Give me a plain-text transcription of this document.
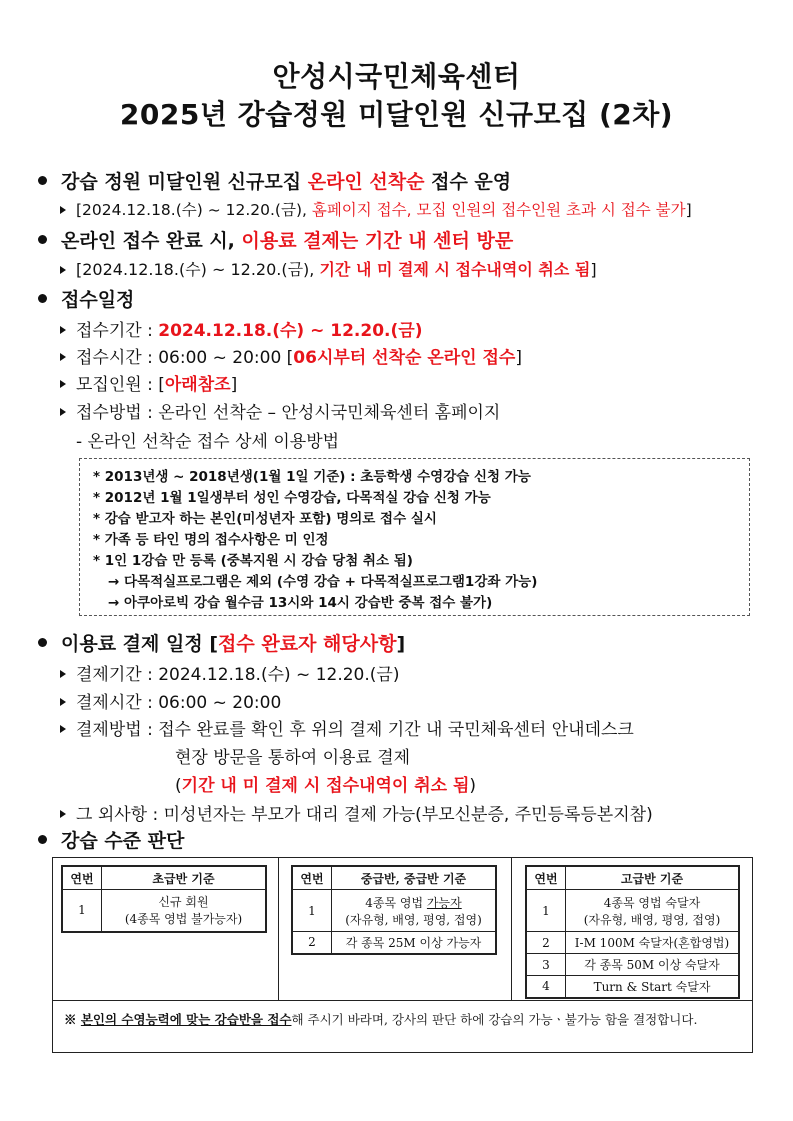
안성시국민체육센터
2025년 강습정원 미달인원 신규모집 (2차)
강습 정원 미달인원 신규모집 온라인 선착순 접수 운영
[2024.12.18.(수) ~ 12.20.(금), 홈페이지 접수, 모집 인원의 접수인원 초과 시 접수 불가]
온라인 접수 완료 시, 이용료 결제는 기간 내 센터 방문
[2024.12.18.(수) ~ 12.20.(금), 기간 내 미 결제 시 접수내역이 취소 됨]
접수일정
접수기간 : 2024.12.18.(수) ~ 12.20.(금)
접수시간 : 06:00 ~ 20:00 [06시부터 선착순 온라인 접수]
모집인원 : [아래참조]
접수방법 : 온라인 선착순 – 안성시국민체육센터 홈페이지
- 온라인 선착순 접수 상세 이용방법
* 2013년생 ~ 2018년생(1월 1일 기준) : 초등학생 수영강습 신청 가능
* 2012년 1월 1일생부터 성인 수영강습, 다목적실 강습 신청 가능
* 강습 받고자 하는 본인(미성년자 포함) 명의로 접수 실시
* 가족 등 타인 명의 접수사항은 미 인정
* 1인 1강습 만 등록 (중복지원 시 강습 당첨 취소 됨)
→ 다목적실프로그램은 제외 (수영 강습 + 다목적실프로그램1강좌 가능)
→ 아쿠아로빅 강습 월수금 13시와 14시 강습반 중복 접수 불가)
이용료 결제 일정 [접수 완료자 해당사항]
결제기간 : 2024.12.18.(수) ~ 12.20.(금)
결제시간 : 06:00 ~ 20:00
결제방법 : 접수 완료를 확인 후 위의 결제 기간 내 국민체육센터 안내데스크
현장 방문을 통하여 이용료 결제
(기간 내 미 결제 시 접수내역이 취소 됨)
그 외사항 : 미성년자는 부모가 대리 결제 가능(부모신분증, 주민등록등본지참)
강습 수준 판단
연번	초급반 기준
1	신규 회원
(4종목 영법 불가능자)
연번	중급반, 중급반 기준
1	4종목 영법 가능자
(자유형, 배영, 평영, 접영)

2	각 종목 25M 이상 가능자
연번	고급반 기준
1	4종목 영법 숙달자
(자유형, 배영, 평영, 접영)

2	I-M 100M 숙달자(혼합영법)
3	각 종목 50M 이상 숙달자
4	Turn & Start 숙달자
※ 본인의 수영능력에 맞는 강습반을 접수해 주시기 바라며, 강사의 판단 하에 강습의 가능ㆍ불가능 함을 결정합니다.
